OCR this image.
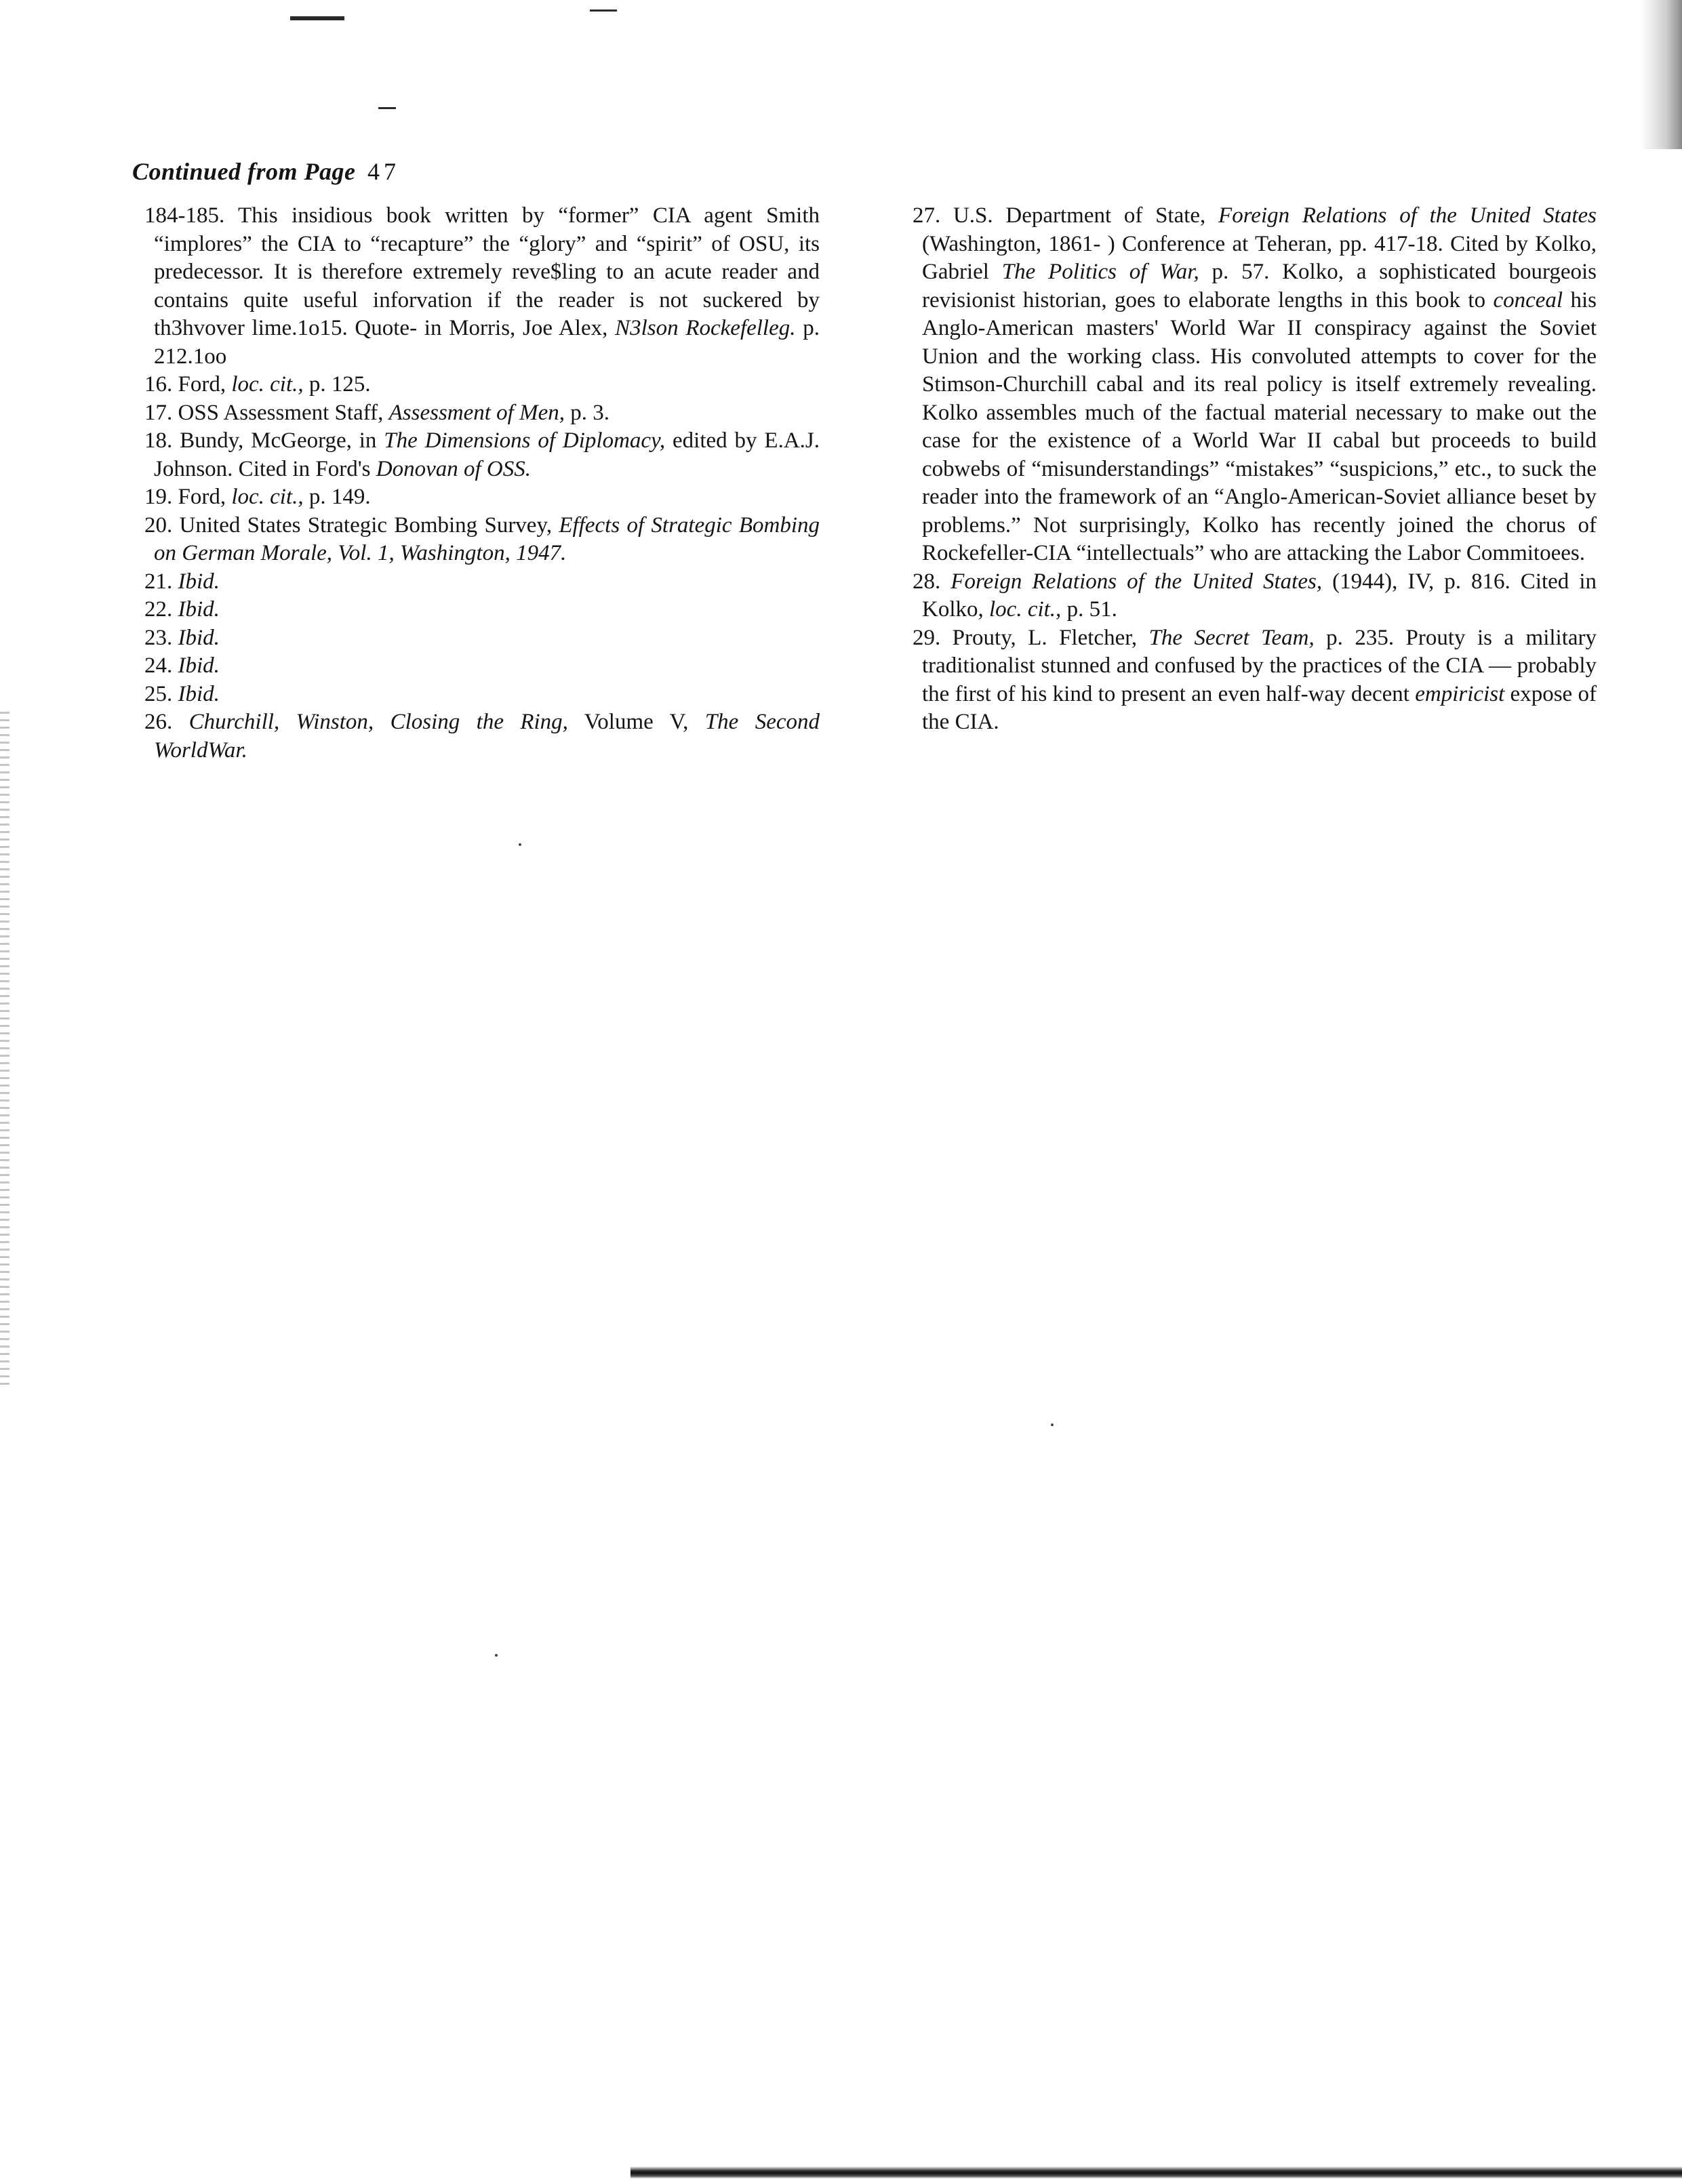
Continued from Page 47

184-185. This insidious book written by “former” CIA agent Smith “implores” the CIA to “recapture” the “glory” and “spirit” of OSU, its predecessor. It is therefore extremely reve$ling to an acute reader and contains quite useful inforvation if the reader is not suckered by th3hvover lime.1o15. Quote- in Morris, Joe Alex, N3lson Rockefelleg. p. 212.1oo

16. Ford, loc. cit., p. 125.

17. OSS Assessment Staff, Assessment of Men, p. 3.

18. Bundy, McGeorge, in The Dimensions of Diplomacy, edited by E.A.J. Johnson. Cited in Ford's Donovan of OSS.

19. Ford, loc. cit., p. 149.

20. United States Strategic Bombing Survey, Effects of Strategic Bombing on German Morale, Vol. 1, Washington, 1947.

21. Ibid.

22. Ibid.

23. Ibid.

24. Ibid.

25. Ibid.

26. Churchill, Winston, Closing the Ring, Volume V, The Second WorldWar.

27. U.S. Department of State, Foreign Relations of the United States (Washington, 1861- ) Conference at Teheran, pp. 417-18. Cited by Kolko, Gabriel The Politics of War, p. 57. Kolko, a sophisticated bourgeois revisionist historian, goes to elaborate lengths in this book to conceal his Anglo-American masters' World War II conspiracy against the Soviet Union and the working class. His convoluted attempts to cover for the Stimson-Churchill cabal and its real policy is itself extremely revealing. Kolko assembles much of the factual material necessary to make out the case for the existence of a World War II cabal but proceeds to build cobwebs of “misunderstandings” “mistakes” “suspicions,” etc., to suck the reader into the framework of an “Anglo-American-Soviet alliance beset by problems.” Not surprisingly, Kolko has recently joined the chorus of Rockefeller-CIA “intellectuals” who are attacking the Labor Commitoees.

28. Foreign Relations of the United States, (1944), IV, p. 816. Cited in Kolko, loc. cit., p. 51.

29. Prouty, L. Fletcher, The Secret Team, p. 235. Prouty is a military traditionalist stunned and confused by the practices of the CIA — probably the first of his kind to present an even half-way decent empiricist expose of the CIA.
